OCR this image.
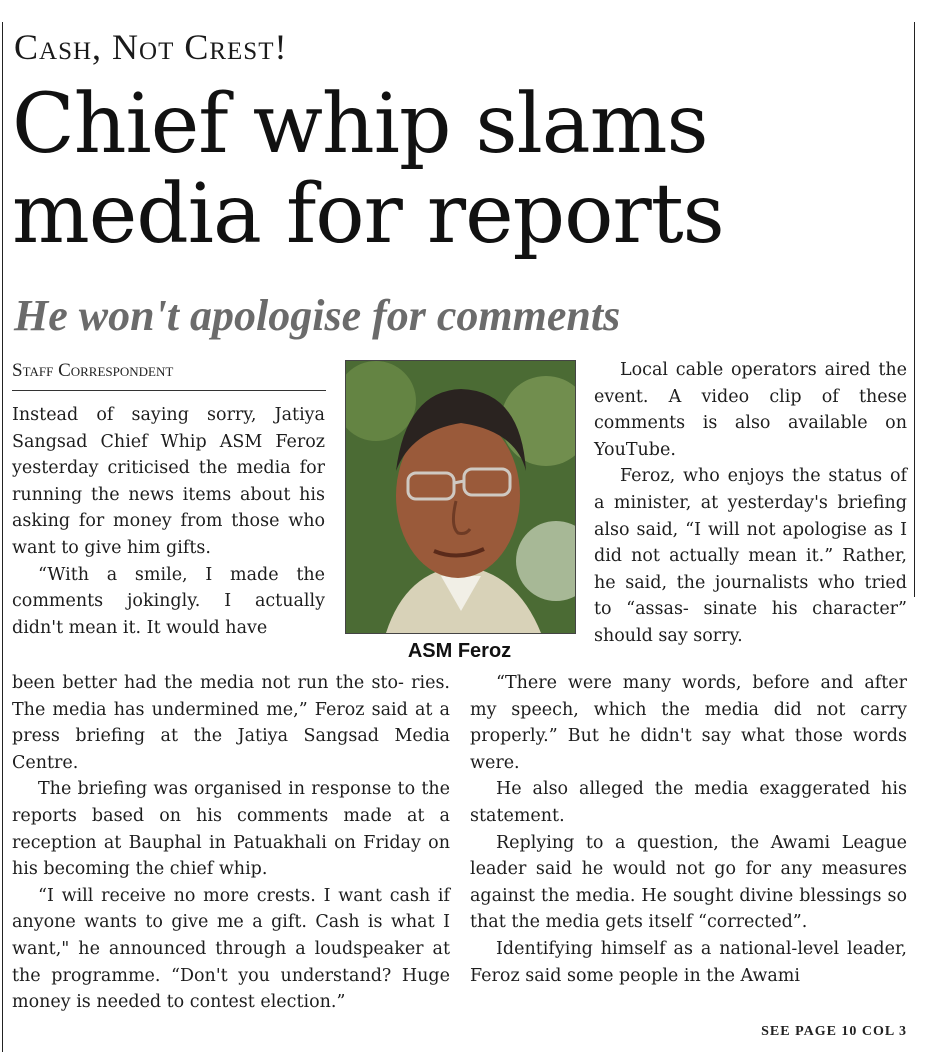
Cash, Not Crest!
Chief whip slams
media for reports
He won't apologise for comments
Staff Correspondent

Instead of saying sorry, Jatiya Sangsad Chief Whip ASM Feroz yesterday criticised the media for running the news items about his asking for money from those who want to give him gifts.

“With a smile, I made the comments jokingly. I actually didn't mean it. It would have

ASM Feroz

been better had the media not run the sto- ries. The media has undermined me,” Feroz said at a press briefing at the Jatiya Sangsad Media Centre.

The briefing was organised in response to the reports based on his comments made at a reception at Bauphal in Patuakhali on Friday on his becoming the chief whip.

“I will receive no more crests. I want cash if anyone wants to give me a gift. Cash is what I want," he announced through a loudspeaker at the programme. “Don't you understand? Huge money is needed to contest election.”

Local cable operators aired the event. A video clip of these comments is also available on YouTube.

Feroz, who enjoys the status of a minister, at yesterday's briefing also said, “I will not apologise as I did not actually mean it.” Rather, he said, the journalists who tried to “assas- sinate his character” should say sorry.

“There were many words, before and after my speech, which the media did not carry properly.” But he didn't say what those words were.

He also alleged the media exaggerated his statement.

Replying to a question, the Awami League leader said he would not go for any measures against the media. He sought divine blessings so that the media gets itself “corrected”.

Identifying himself as a national-level leader, Feroz said some people in the Awami

SEE PAGE 10 COL 3
